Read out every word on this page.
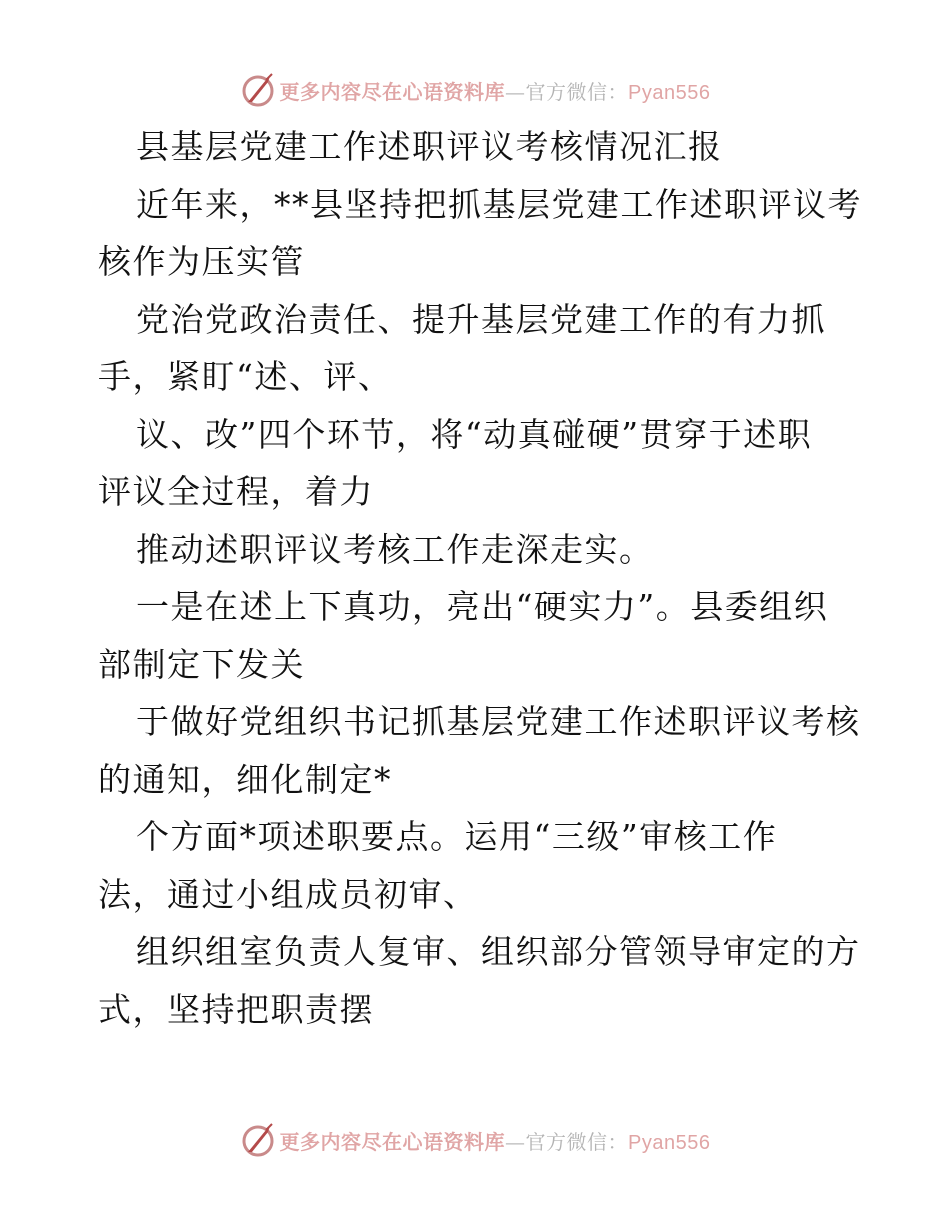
更多内容尽在心语资料库—官方微信：Pyan556
县基层党建工作述职评议考核情况汇报
近年来，**县坚持把抓基层党建工作述职评议考
核作为压实管
党治党政治责任、提升基层党建工作的有力抓
手，紧盯“述、评、
议、改”四个环节，将“动真碰硬”贯穿于述职
评议全过程，着力
推动述职评议考核工作走深走实。
一是在述上下真功，亮出“硬实力”。县委组织
部制定下发关
于做好党组织书记抓基层党建工作述职评议考核
的通知，细化制定*
个方面*项述职要点。运用“三级”审核工作
法，通过小组成员初审、
组织组室负责人复审、组织部分管领导审定的方
式，坚持把职责摆
更多内容尽在心语资料库—官方微信：Pyan556
